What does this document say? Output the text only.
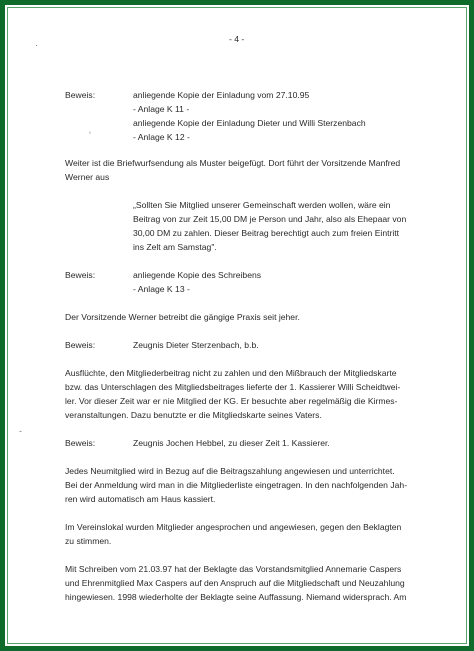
- 4 -
·
‘
-
Beweis:	anliegende Kopie der Einladung vom 27.10.95
- Anlage K 11 -
anliegende Kopie der Einladung Dieter und Willi Sterzenbach
- Anlage K 12 -
Weiter ist die Briefwurfsendung als Muster beigefügt. Dort führt der Vorsitzende Manfred
Werner aus
„Sollten Sie Mitglied unserer Gemeinschaft werden wollen, wäre ein
Beitrag von zur Zeit 15,00 DM je Person und Jahr, also als Ehepaar von
30,00 DM zu zahlen. Dieser Beitrag berechtigt auch zum freien Eintritt
ins Zelt am Samstag".
Beweis:	anliegende Kopie des Schreibens
- Anlage K 13 -
Der Vorsitzende Werner betreibt die gängige Praxis seit jeher.
Beweis:	Zeugnis Dieter Sterzenbach, b.b.
Ausflüchte, den Mitgliederbeitrag nicht zu zahlen und den Mißbrauch der Mitgliedskarte
bzw. das Unterschlagen des Mitgliedsbeitrages lieferte der 1. Kassierer Willi Scheidtwei-
ler. Vor dieser Zeit war er nie Mitglied der KG. Er besuchte aber regelmäßig die Kirmes-
veranstaltungen. Dazu benutzte er die Mitgliedskarte seines Vaters.
Beweis:	Zeugnis Jochen Hebbel, zu dieser Zeit 1. Kassierer.
Jedes Neumitglied wird in Bezug auf die Beitragszahlung angewiesen und unterrichtet.
Bei der Anmeldung wird man in die Mitgliederliste eingetragen. In den nachfolgenden Jah-
ren wird automatisch am Haus kassiert.
Im Vereinslokal wurden Mitglieder angesprochen und angewiesen, gegen den Beklagten
zu stimmen.
Mit Schreiben vom 21.03.97 hat der Beklagte das Vorstandsmitglied Annemarie Caspers
und Ehrenmitglied Max Caspers auf den Anspruch auf die Mitgliedschaft und Neuzahlung
hingewiesen. 1998 wiederholte der Beklagte seine Auffassung. Niemand widersprach. Am
